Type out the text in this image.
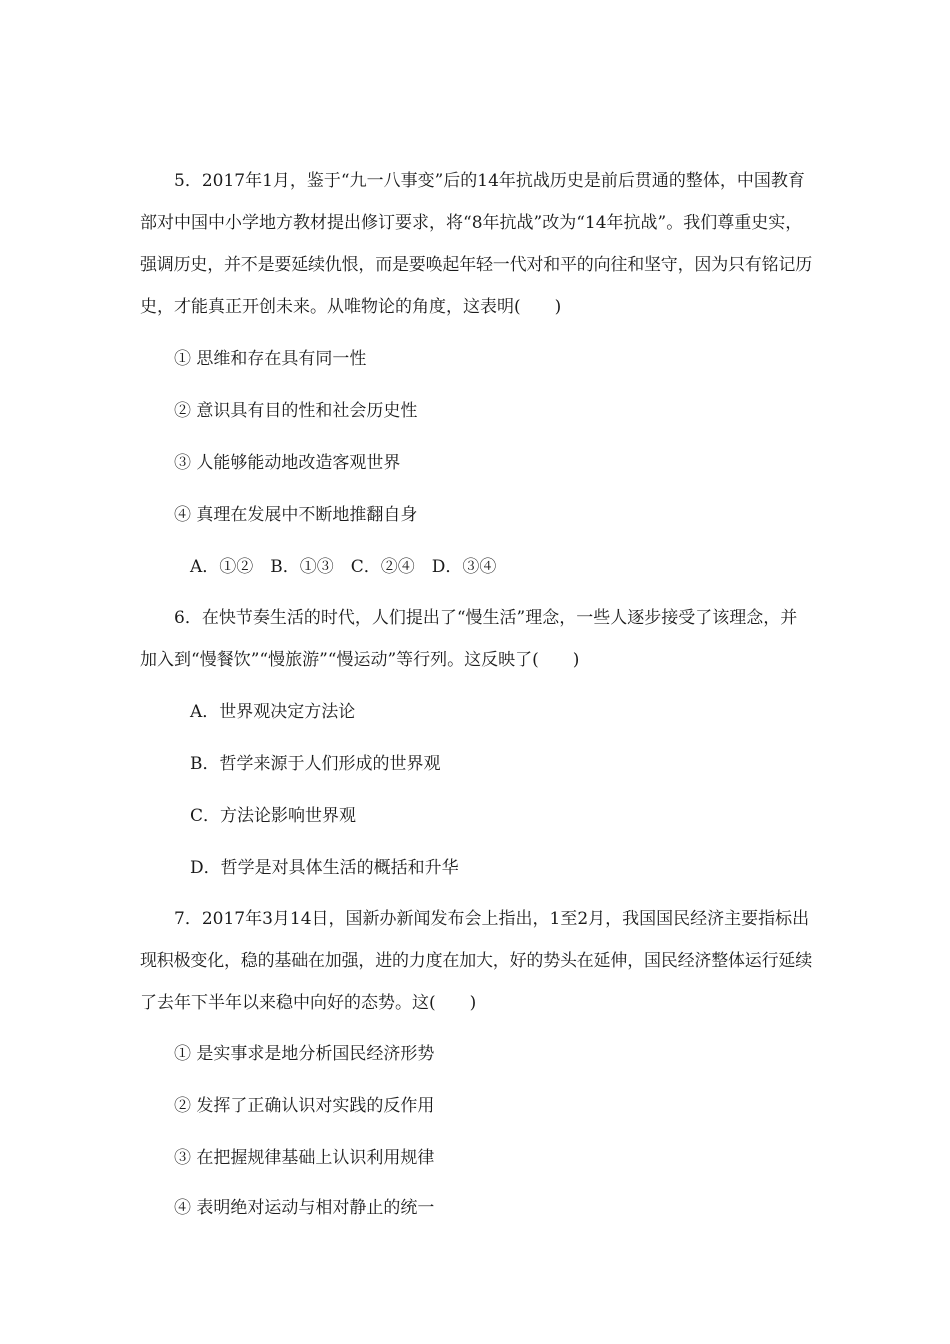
5．2017年1月，鉴于“九一八事变”后的14年抗战历史是前后贯通的整体，中国教育
部对中国中小学地方教材提出修订要求，将“8年抗战”改为“14年抗战”。我们尊重史实，
强调历史，并不是要延续仇恨，而是要唤起年轻一代对和平的向往和坚守，因为只有铭记历
史，才能真正开创未来。从唯物论的角度，这表明(　　)
① 思维和存在具有同一性
② 意识具有目的性和社会历史性
③ 人能够能动地改造客观世界
④ 真理在发展中不断地推翻自身
A．①②　B．①③　C．②④　D．③④
6．在快节奏生活的时代，人们提出了“慢生活”理念，一些人逐步接受了该理念，并
加入到“慢餐饮”“慢旅游”“慢运动”等行列。这反映了(　　)
A．世界观决定方法论
B．哲学来源于人们形成的世界观
C．方法论影响世界观
D．哲学是对具体生活的概括和升华
7．2017年3月14日，国新办新闻发布会上指出，1至2月，我国国民经济主要指标出
现积极变化，稳的基础在加强，进的力度在加大，好的势头在延伸，国民经济整体运行延续
了去年下半年以来稳中向好的态势。这(　　)
① 是实事求是地分析国民经济形势
② 发挥了正确认识对实践的反作用
③ 在把握规律基础上认识利用规律
④ 表明绝对运动与相对静止的统一
